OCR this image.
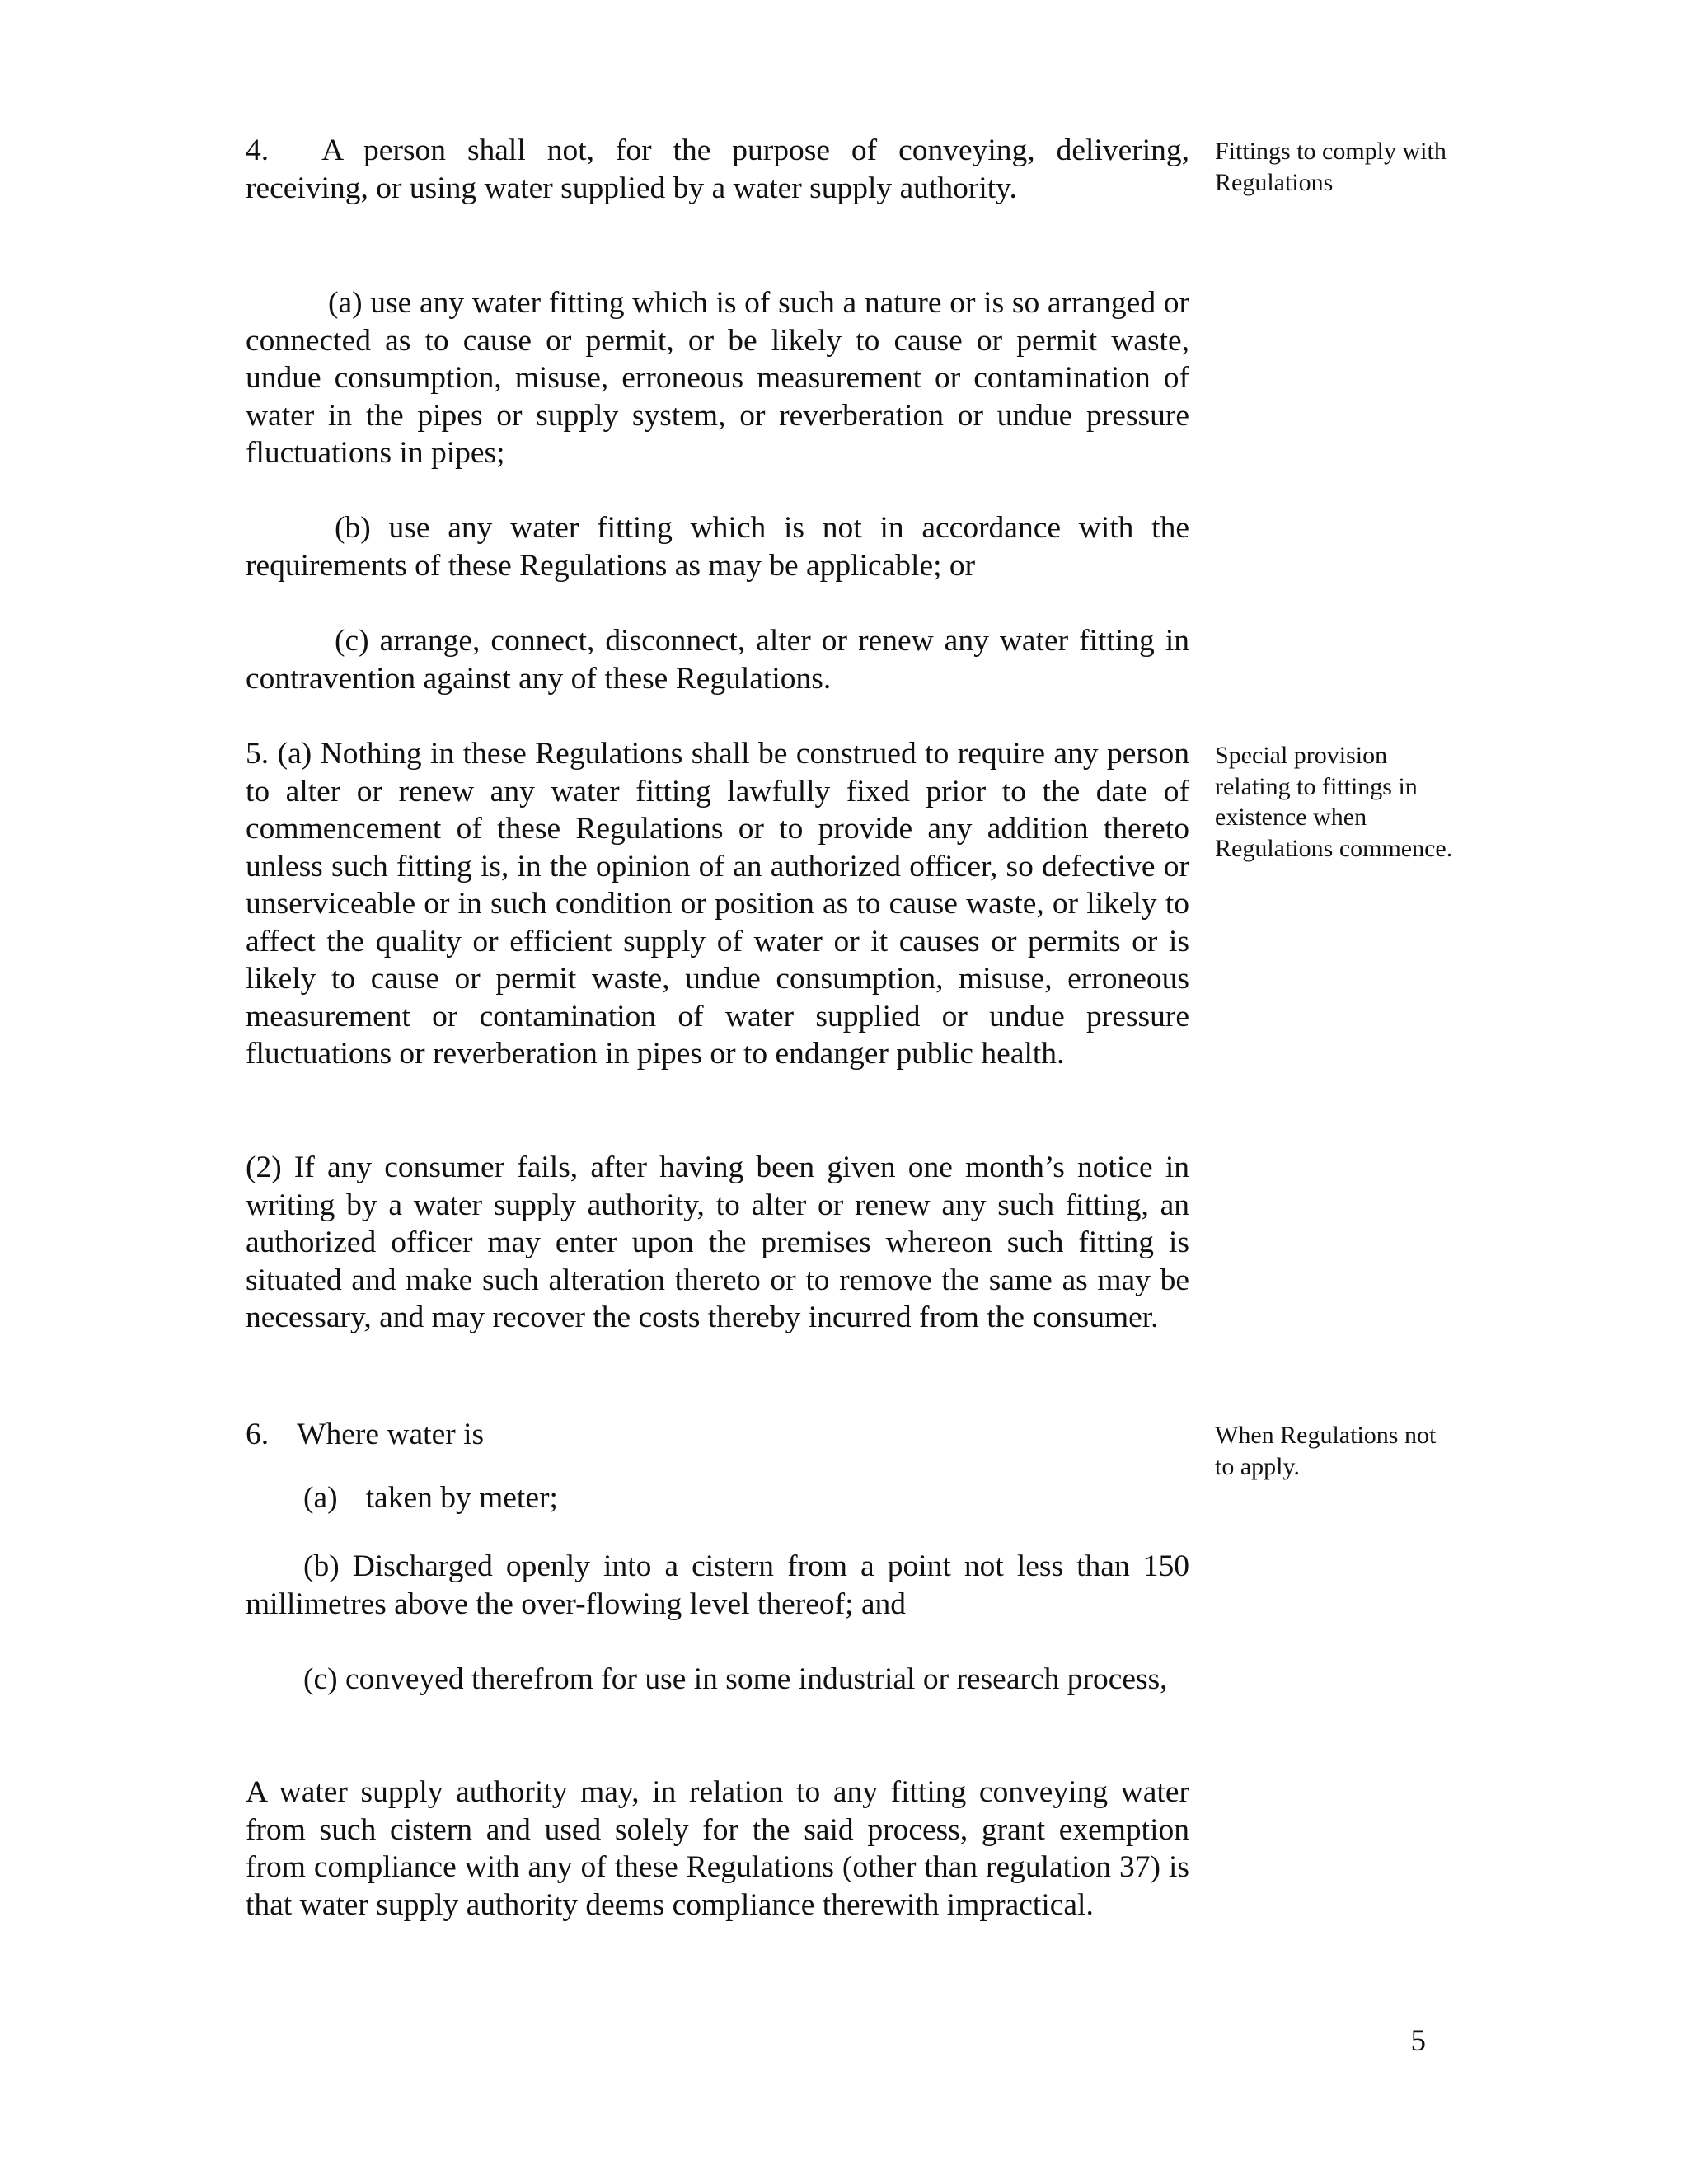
4. A person shall not, for the purpose of conveying, delivering, receiving, or using water supplied by a water supply authority.
Fittings to comply with Regulations
(a) use any water fitting which is of such a nature or is so arranged or connected as to cause or permit, or be likely to cause or permit waste, undue consumption, misuse, erroneous measurement or contamination of water in the pipes or supply system, or reverberation or undue pressure fluctuations in pipes;
(b) use any water fitting which is not in accordance with the requirements of these Regulations as may be applicable; or
(c) arrange, connect, disconnect, alter or renew any water fitting in contravention against any of these Regulations.
5. (a) Nothing in these Regulations shall be construed to require any person to alter or renew any water fitting lawfully fixed prior to the date of commencement of these Regulations or to provide any addition thereto unless such fitting is, in the opinion of an authorized officer, so defective or unserviceable or in such condition or position as to cause waste, or likely to affect the quality or efficient supply of water or it causes or permits or is likely to cause or permit waste, undue consumption, misuse, erroneous measurement or contamination of water supplied or undue pressure fluctuations or reverberation in pipes or to endanger public health.
Special provision relating to fittings in existence when Regulations commence.
(2) If any consumer fails, after having been given one month’s notice in writing by a water supply authority, to alter or renew any such fitting, an authorized officer may enter upon the premises whereon such fitting is situated and make such alteration thereto or to remove the same as may be necessary, and may recover the costs thereby incurred from the consumer.
6. Where water is	When Regulations not to apply.
(a) taken by meter;
(b) Discharged openly into a cistern from a point not less than 150 millimetres above the over-flowing level thereof; and
(c) conveyed therefrom for use in some industrial or research process,
A water supply authority may, in relation to any fitting conveying water from such cistern and used solely for the said process, grant exemption from compliance with any of these Regulations (other than regulation 37) is that water supply authority deems compliance therewith impractical.
5
